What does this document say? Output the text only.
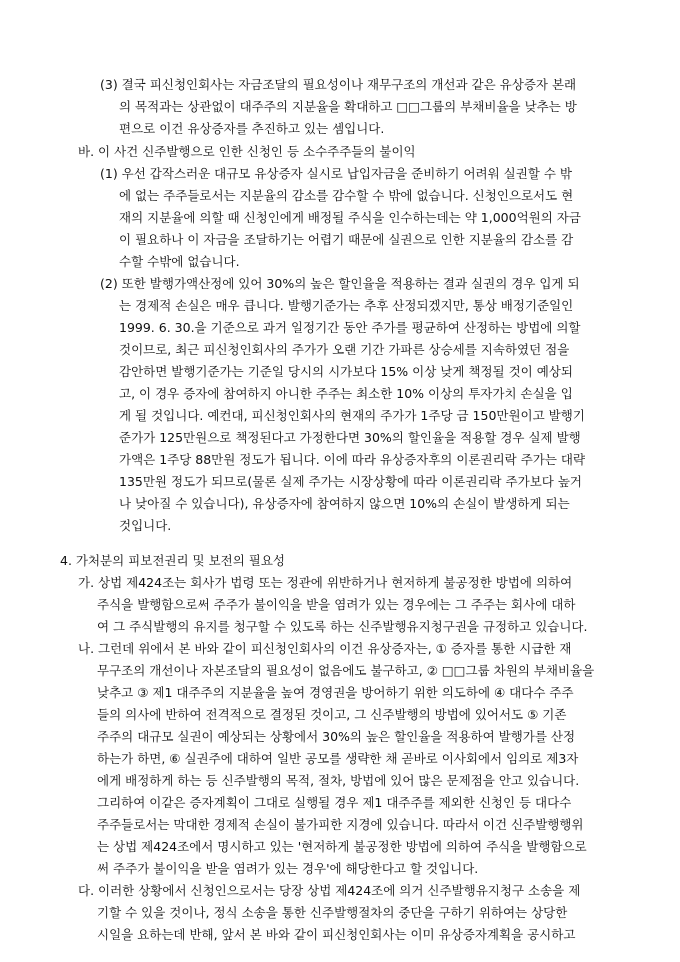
(3) 결국 피신청인회사는 자금조달의 필요성이나 재무구조의 개선과 같은 유상증자 본래
의 목적과는 상관없이 대주주의 지분율을 확대하고 □□그룹의 부채비율을 낮추는 방
편으로 이건 유상증자를 추진하고 있는 셈입니다.
바. 이 사건 신주발행으로 인한 신청인 등 소수주주들의 불이익
(1) 우선 갑작스러운 대규모 유상증자 실시로 납입자금을 준비하기 어려워 실권할 수 밖
에 없는 주주들로서는 지분율의 감소를 감수할 수 밖에 없습니다. 신청인으로서도 현
재의 지분율에 의할 때 신청인에게 배정될 주식을 인수하는데는 약 1,000억원의 자금
이 필요하나 이 자금을 조달하기는 어렵기 때문에 실권으로 인한 지분율의 감소를 감
수할 수밖에 없습니다.
(2) 또한 발행가액산정에 있어 30%의 높은 할인율을 적용하는 결과 실권의 경우 입게 되
는 경제적 손실은 매우 큽니다. 발행기준가는 추후 산정되겠지만, 통상 배정기준일인
1999. 6. 30.을 기준으로 과거 일정기간 동안 주가를 평균하여 산정하는 방법에 의할
것이므로, 최근 피신청인회사의 주가가 오랜 기간 가파른 상승세를 지속하였던 점을
감안하면 발행기준가는 기준일 당시의 시가보다 15% 이상 낮게 책정될 것이 예상되
고, 이 경우 증자에 참여하지 아니한 주주는 최소한 10% 이상의 투자가치 손실을 입
게 될 것입니다. 예컨대, 피신청인회사의 현재의 주가가 1주당 금 150만원이고 발행기
준가가 125만원으로 책정된다고 가정한다면 30%의 할인율을 적용할 경우 실제 발행
가액은 1주당 88만원 정도가 됩니다. 이에 따라 유상증자후의 이론권리락 주가는 대략
135만원 정도가 되므로(물론 실제 주가는 시장상황에 따라 이론권리락 주가보다 높거
나 낮아질 수 있습니다), 유상증자에 참여하지 않으면 10%의 손실이 발생하게 되는
것입니다.
4. 가처분의 피보전권리 및 보전의 필요성
가. 상법 제424조는 회사가 법령 또는 정관에 위반하거나 현저하게 불공정한 방법에 의하여
주식을 발행함으로써 주주가 불이익을 받을 염려가 있는 경우에는 그 주주는 회사에 대하
여 그 주식발행의 유지를 청구할 수 있도록 하는 신주발행유지청구권을 규정하고 있습니다.
나. 그런데 위에서 본 바와 같이 피신청인회사의 이건 유상증자는, ① 증자를 통한 시급한 재
무구조의 개선이나 자본조달의 필요성이 없음에도 불구하고, ② □□그룹 차원의 부채비율을
낮추고 ③ 제1 대주주의 지분율을 높여 경영권을 방어하기 위한 의도하에 ④ 대다수 주주
들의 의사에 반하여 전격적으로 결정된 것이고, 그 신주발행의 방법에 있어서도 ⑤ 기존
주주의 대규모 실권이 예상되는 상황에서 30%의 높은 할인율을 적용하여 발행가를 산정
하는가 하면, ⑥ 실권주에 대하여 일반 공모를 생략한 채 곧바로 이사회에서 임의로 제3자
에게 배정하게 하는 등 신주발행의 목적, 절차, 방법에 있어 많은 문제점을 안고 있습니다.
그리하여 이같은 증자계획이 그대로 실행될 경우 제1 대주주를 제외한 신청인 등 대다수
주주들로서는 막대한 경제적 손실이 불가피한 지경에 있습니다. 따라서 이건 신주발행행위
는 상법 제424조에서 명시하고 있는 '현저하게 불공정한 방법에 의하여 주식을 발행함으로
써 주주가 불이익을 받을 염려가 있는 경우'에 해당한다고 할 것입니다.
다. 이러한 상황에서 신청인으로서는 당장 상법 제424조에 의거 신주발행유지청구 소송을 제
기할 수 있을 것이나, 정식 소송을 통한 신주발행절차의 중단을 구하기 위하여는 상당한
시일을 요하는데 반해, 앞서 본 바와 같이 피신청인회사는 이미 유상증자계획을 공시하고
